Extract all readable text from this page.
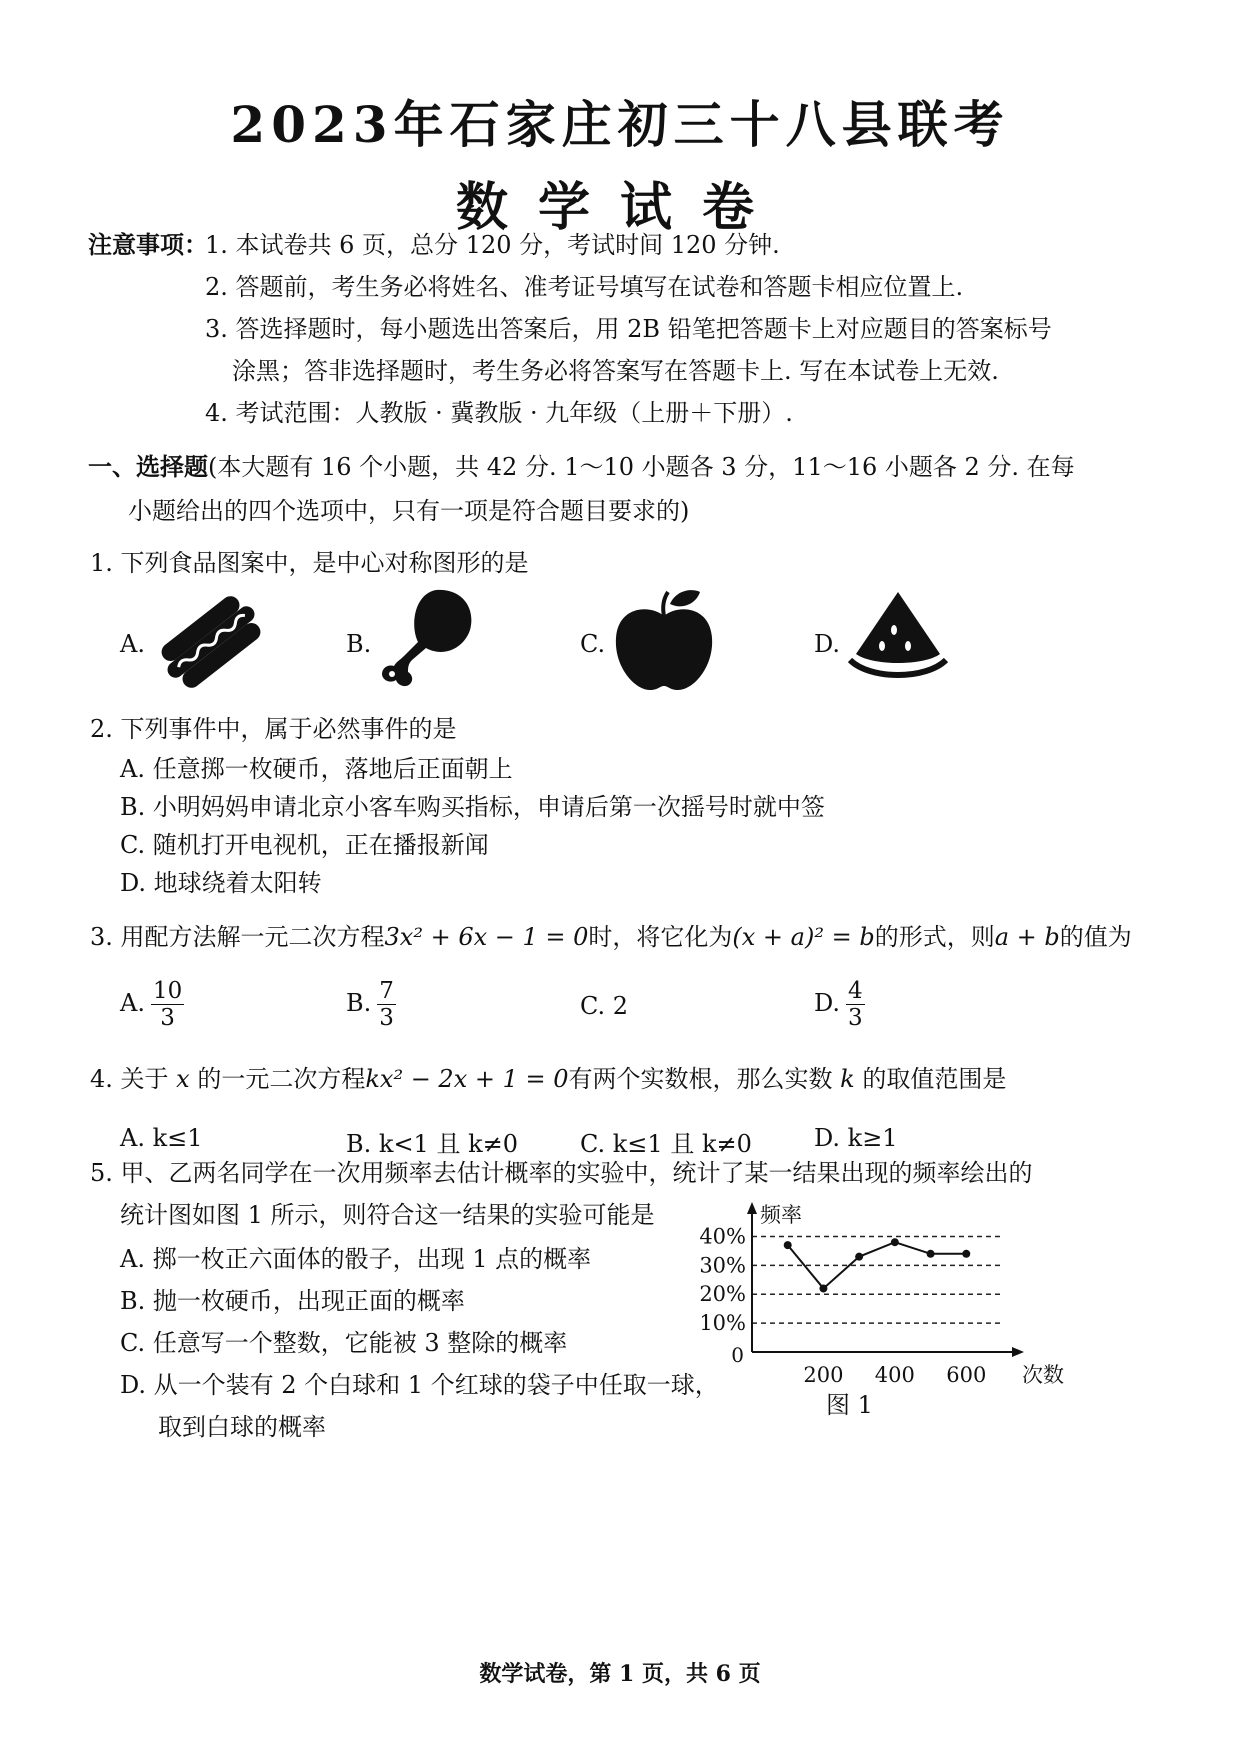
2023年石家庄初三十八县联考
数学试卷
注意事项：
1. 本试卷共 6 页，总分 120 分，考试时间 120 分钟.
2. 答题前，考生务必将姓名、准考证号填写在试卷和答题卡相应位置上.
3. 答选择题时，每小题选出答案后，用 2B 铅笔把答题卡上对应题目的答案标号
涂黑；答非选择题时，考生务必将答案写在答题卡上. 写在本试卷上无效.
4. 考试范围：人教版 · 冀教版 · 九年级（上册＋下册）.
一、选择题(本大题有 16 个小题，共 42 分. 1～10 小题各 3 分，11～16 小题各 2 分. 在每
小题给出的四个选项中，只有一项是符合题目要求的)
1. 下列食品图案中，是中心对称图形的是
A.	B.	C.	D.
2. 下列事件中，属于必然事件的是
A. 任意掷一枚硬币，落地后正面朝上
B. 小明妈妈申请北京小客车购买指标，申请后第一次摇号时就中签
C. 随机打开电视机，正在播报新闻
D. 地球绕着太阳转
3. 用配方法解一元二次方程3x² + 6x − 1 = 0时，将它化为(x + a)² = b的形式，则a + b的值为
A. $\frac{10}{3}$	B. $\frac{7}{3}$	C. 2	D. $\frac{4}{3}$
4. 关于 x 的一元二次方程kx² − 2x + 1 = 0有两个实数根，那么实数 k 的取值范围是
A. k≤1	B. k<1 且 k≠0	C. k≤1 且 k≠0	D. k≥1
5. 甲、乙两名同学在一次用频率去估计概率的实验中，统计了某一结果出现的频率绘出的
统计图如图 1 所示，则符合这一结果的实验可能是
A. 掷一枚正六面体的骰子，出现 1 点的概率
B. 抛一枚硬币，出现正面的概率
C. 任意写一个整数，它能被 3 整除的概率
D. 从一个装有 2 个白球和 1 个红球的袋子中任取一球，
取到白球的概率
10%
20%
30%
40%
频率
次数
0
200 400 600
图 1
数学试卷，第 1 页，共 6 页
